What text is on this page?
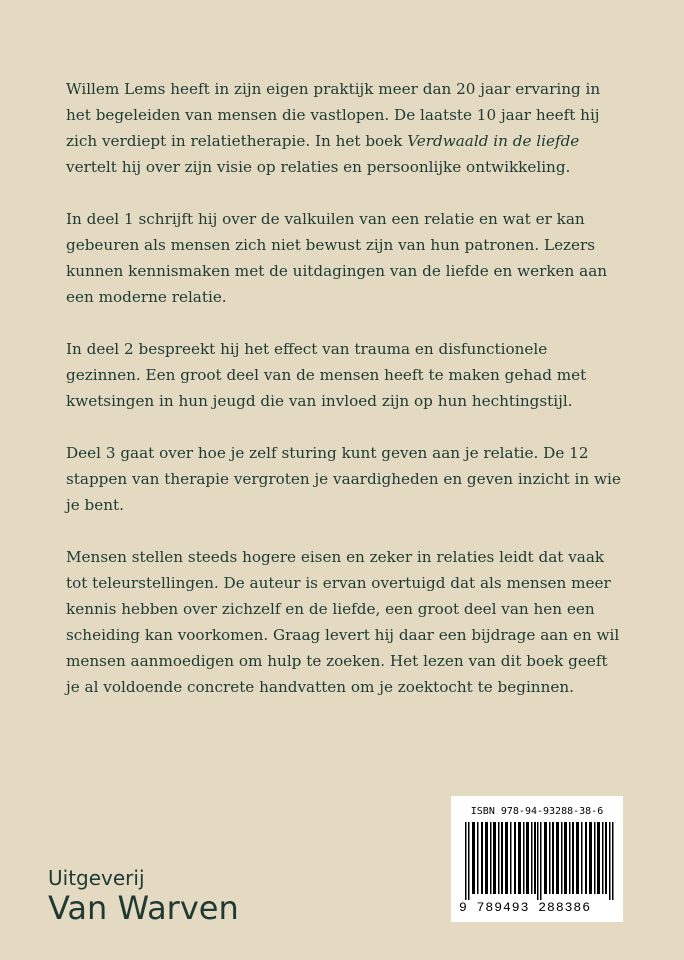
Willem Lems heeft in zijn eigen praktijk meer dan 20 jaar ervaring in het begeleiden van mensen die vastlopen. De laatste 10 jaar heeft hij zich verdiept in relatietherapie. In het boek Verdwaald in de liefde vertelt hij over zijn visie op relaties en persoonlijke ontwikkeling.

In deel 1 schrijft hij over de valkuilen van een relatie en wat er kan gebeuren als mensen zich niet bewust zijn van hun patronen. Lezers kunnen kennismaken met de uitdagingen van de liefde en werken aan een moderne relatie.

In deel 2 bespreekt hij het effect van trauma en disfunctionele gezinnen. Een groot deel van de mensen heeft te maken gehad met kwetsingen in hun jeugd die van invloed zijn op hun hechtingstijl.

Deel 3 gaat over hoe je zelf sturing kunt geven aan je relatie. De 12 stappen van therapie vergroten je vaardigheden en geven inzicht in wie je bent.

Mensen stellen steeds hogere eisen en zeker in relaties leidt dat vaak tot teleurstellingen. De auteur is ervan overtuigd dat als mensen meer kennis hebben over zichzelf en de liefde, een groot deel van hen een scheiding kan voorkomen. Graag levert hij daar een bijdrage aan en wil mensen aanmoedigen om hulp te zoeken. Het lezen van dit boek geeft je al voldoende concrete handvatten om je zoektocht te beginnen.

Uitgeverij
Van Warven
ISBN 978-94-93288-38-6
9 789493 288386
